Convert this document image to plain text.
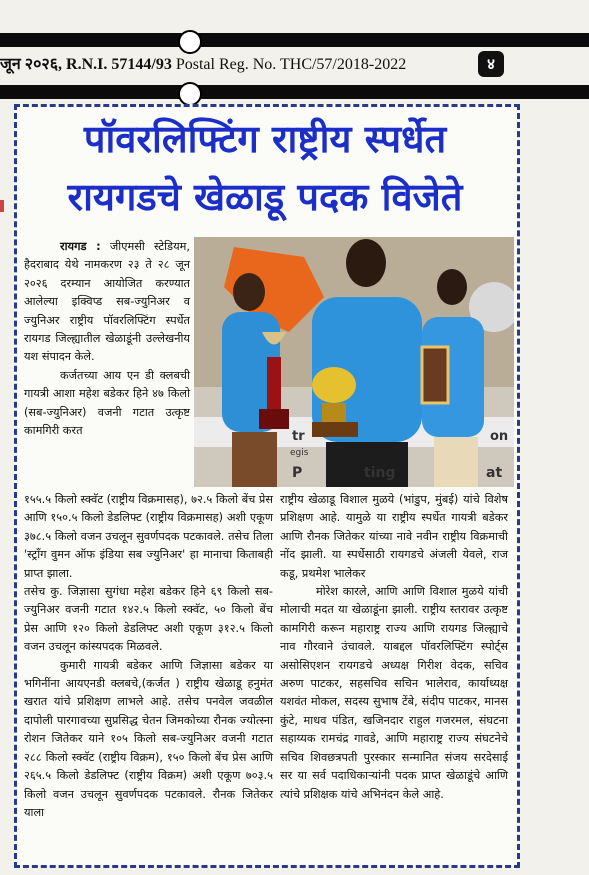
जून २०२६, R.N.I. 57144/93 Postal Reg. No. THC/57/2018-2022	४
पॉवरलिफ्टिंग राष्ट्रीय स्पर्धेत
रायगडचे खेळाडू पदक विजेते

रायगड : जीएमसी स्टेडियम, हैदराबाद येथे नामकरण २३ ते २८ जून २०२६ दरम्यान आयोजित करण्यात आलेल्या इक्विप्ड सब-ज्युनिअर व ज्युनिअर राष्ट्रीय पॉवरलिफ्टिंग स्पर्धेत रायगड जिल्ह्यातील खेळाडूंनी उल्लेखनीय यश संपादन केले.

कर्जतच्या आय एन डी क्लबची गायत्री आशा महेश बडेकर हिने ४७ किलो (सब-ज्युनिअर) वजनी गटात उत्कृष्ट कामगिरी करत	tr	on
egis
P	ting	at

१५५.५ किलो स्क्वॅट (राष्ट्रीय विक्रमासह), ७२.५ किलो बेंच प्रेस आणि १५०.५ किलो डेडलिफ्ट (राष्ट्रीय विक्रमासह) अशी एकूण ३७८.५ किलो वजन उचलून सुवर्णपदक पटकावले. तसेच तिला 'स्ट्रॉंग वुमन ऑफ इंडिया सब ज्युनिअर' हा मानाचा किताबही प्राप्त झाला.

तसेच कु. जिज्ञासा सुगंधा महेश बडेकर हिने ६९ किलो सब-ज्युनिअर वजनी गटात १४२.५ किलो स्क्वॅट, ५० किलो बेंच प्रेस आणि १२० किलो डेडलिफ्ट अशी एकूण ३१२.५ किलो वजन उचलून कांस्यपदक मिळवले.

कुमारी गायत्री बडेकर आणि जिज्ञासा बडेकर या भगिनींना आयएनडी क्लबचे,(कर्जत ) राष्ट्रीय खेळाडू हनुमंत खरात यांचे प्रशिक्षण लाभले आहे. तसेच पनवेल जवळील दापोली पारगावच्या सुप्रसिद्ध चेतन जिमकोच्या रौनक ज्योत्स्ना रोशन जितेकर याने १०५ किलो सब-ज्युनिअर वजनी गटात २८८ किलो स्क्वॅट (राष्ट्रीय विक्रम), १५० किलो बेंच प्रेस आणि २६५.५ किलो डेडलिफ्ट (राष्ट्रीय विक्रम) अशी एकूण ७०३.५ किलो वजन उचलून सुवर्णपदक पटकावले. रौनक जितेकर याला

राष्ट्रीय खेळाडू विशाल मुळये (भांडुप, मुंबई) यांचे विशेष प्रशिक्षण आहे. यामुळे या राष्ट्रीय स्पर्धेत गायत्री बडेकर आणि रौनक जितेकर यांच्या नावे नवीन राष्ट्रीय विक्रमाची नोंद झाली. या स्पर्धेसाठी रायगडचे अंजली येवले, राज कडू, प्रथमेश भालेकर

मोरेश कारले, आणि आणि विशाल मुळये यांची मोलाची मदत या खेळाडूंना झाली. राष्ट्रीय स्तरावर उत्कृष्ट कामगिरी करून महाराष्ट्र राज्य आणि रायगड जिल्ह्याचे नाव गौरवाने उंचावले. याबद्दल पॉवरलिफ्टिंग स्पोर्ट्स असोसिएशन रायगडचे अध्यक्ष गिरीश वेदक, सचिव अरुण पाटकर, सहसचिव सचिन भालेराव, कार्याध्यक्ष यशवंत मोकल, सदस्य सुभाष टेंबे, संदीप पाटकर, मानस कुंटे, माधव पंडित, खजिनदार राहुल गजरमल, संघटना सहाय्यक रामचंद्र गावडे, आणि महाराष्ट्र राज्य संघटनेचे सचिव शिवछत्रपती पुरस्कार सन्मानित संजय सरदेसाई सर या सर्व पदाधिकाऱ्यांनी पदक प्राप्त खेळाडूंचे आणि त्यांचे प्रशिक्षक यांचे अभिनंदन केले आहे.
